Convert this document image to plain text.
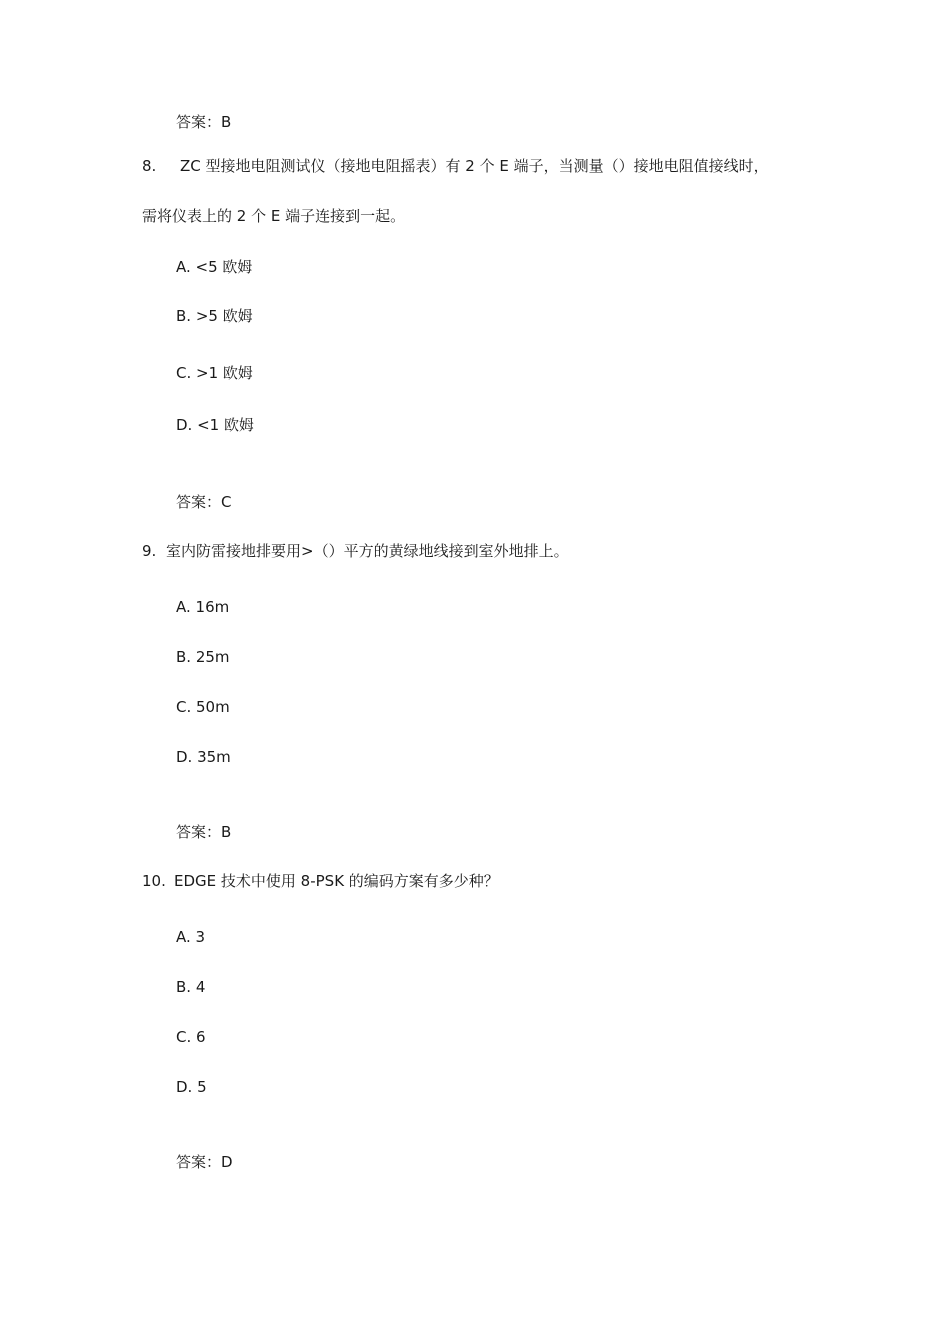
答案：B
8. ZC 型接地电阻测试仪（接地电阻摇表）有 2 个 E 端子，当测量（）接地电阻值接线时，
需将仪表上的 2 个 E 端子连接到一起。
A. <5 欧姆
B. >5 欧姆
C. >1 欧姆
D. <1 欧姆
答案：C
9. 室内防雷接地排要用>（）平方的黄绿地线接到室外地排上。
A. 16m
B. 25m
C. 50m
D. 35m
答案：B
10. EDGE 技术中使用 8-PSK 的编码方案有多少种？
A. 3
B. 4
C. 6
D. 5
答案：D
